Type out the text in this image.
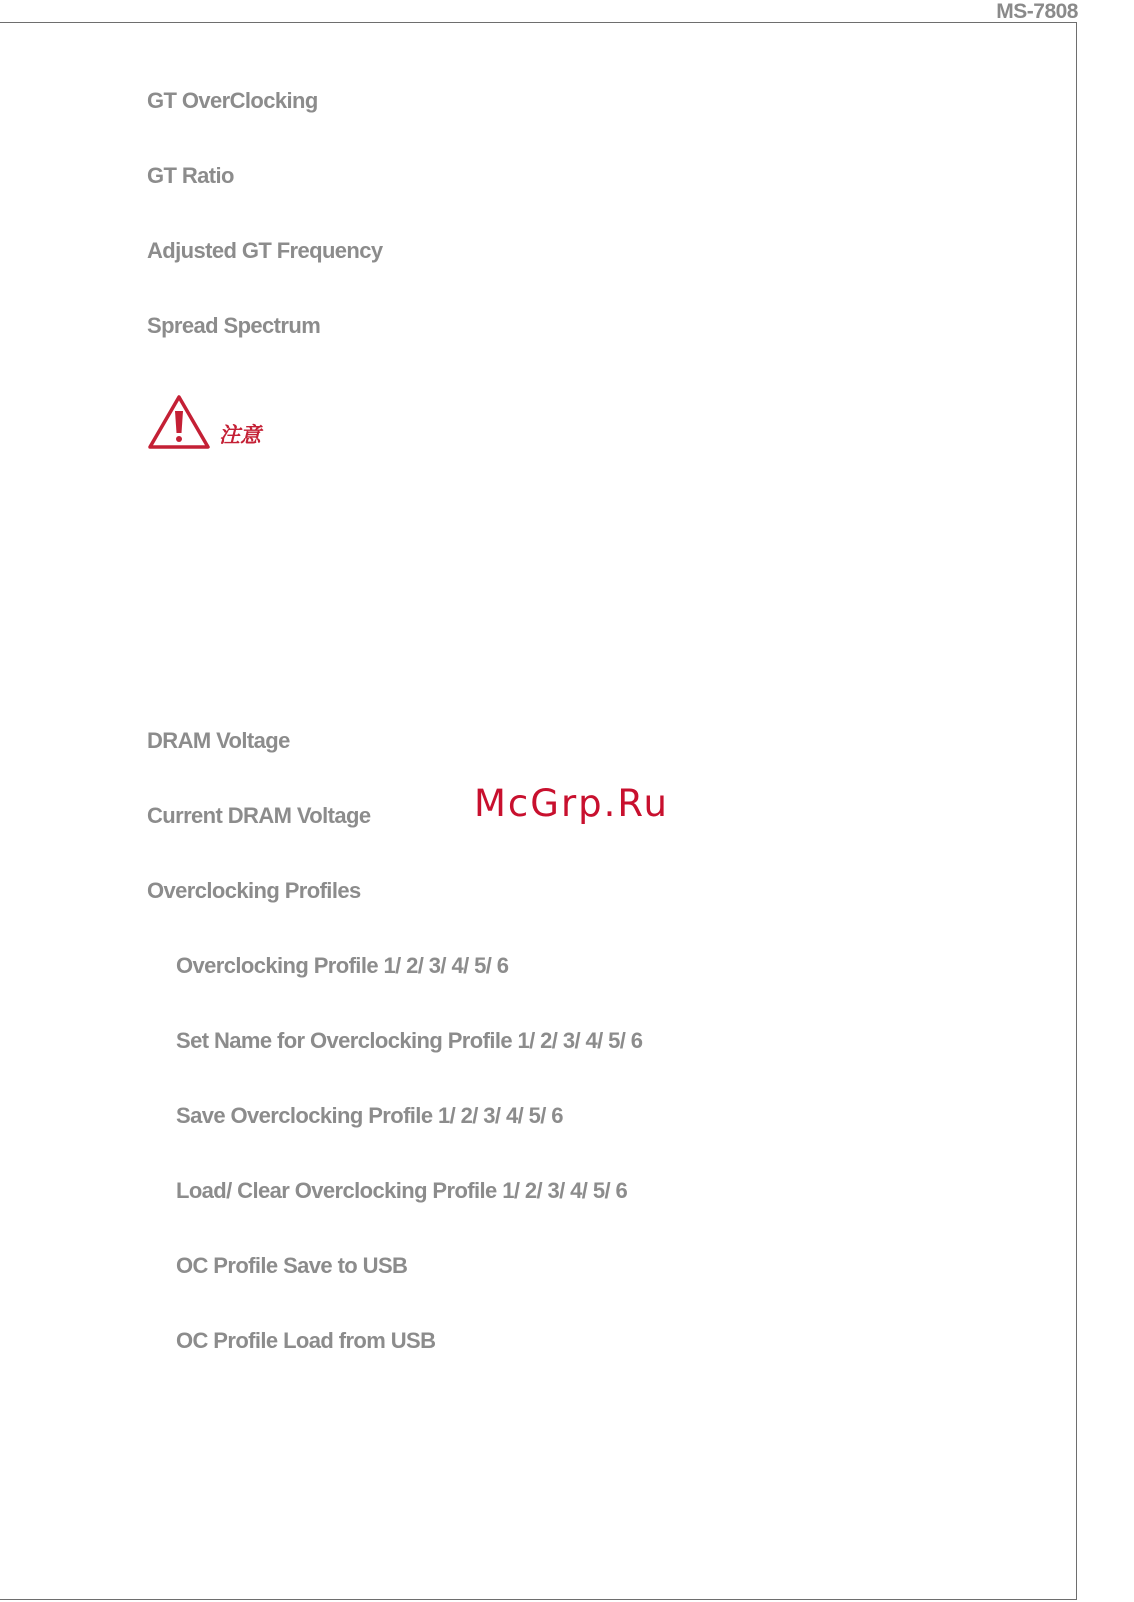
MS-7808
GT OverClocking
GT Ratio
Adjusted GT Frequency
Spread Spectrum
注意
DRAM Voltage
Current DRAM Voltage
Overclocking Profiles
Overclocking Profile 1/ 2/ 3/ 4/ 5/ 6
Set Name for Overclocking Profile 1/ 2/ 3/ 4/ 5/ 6
Save Overclocking Profile 1/ 2/ 3/ 4/ 5/ 6
Load/ Clear Overclocking Profile 1/ 2/ 3/ 4/ 5/ 6
OC Profile Save to USB
OC Profile Load from USB
McGrp.Ru
